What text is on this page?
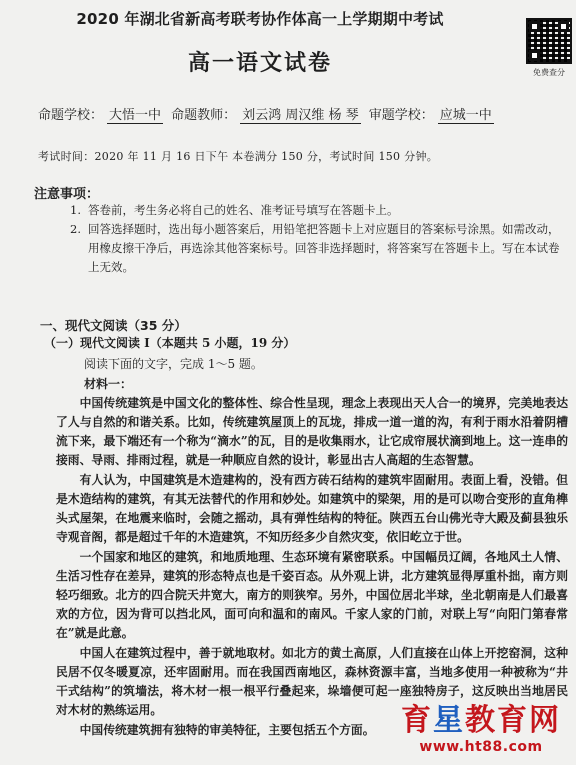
2020 年湖北省新高考联考协作体高一上学期期中考试
高一语文试卷	免费查分
命题学校： 大悟一中 命题教师： 刘云鸿 周汉维 杨 琴 审题学校： 应城一中
考试时间：2020 年 11 月 16 日下午 本卷满分 150 分，考试时间 150 分钟。
注意事项：
1. 答卷前，考生务必将自己的姓名、准考证号填写在答题卡上。
2. 回答选择题时，选出每小题答案后，用铅笔把答题卡上对应题目的答案标号涂黑。如需改动，用橡皮擦干净后，再选涂其他答案标号。回答非选择题时，将答案写在答题卡上。写在本试卷上无效。
一、现代文阅读（35 分）
（一）现代文阅读 I（本题共 5 小题，19 分）
阅读下面的文字，完成 1～5 题。
材料一：

中国传统建筑是中国文化的整体性、综合性呈现，理念上表现出天人合一的境界，完美地表达了人与自然的和谐关系。比如，传统建筑屋顶上的瓦垅，排成一道一道的沟，有利于雨水沿着阴槽流下来，最下端还有一个称为“滴水”的瓦，目的是收集雨水，让它成帘展状滴到地上。这一连串的接雨、导雨、排雨过程，就是一种顺应自然的设计，彰显出古人高超的生态智慧。

有人认为，中国建筑是木造建构的，没有西方砖石结构的建筑牢固耐用。表面上看，没错。但是木造结构的建筑，有其无法替代的作用和妙处。如建筑中的梁架，用的是可以吻合变形的直角榫头式屋架，在地震来临时，会随之摇动，具有弹性结构的特征。陕西五台山佛光寺大殿及蓟县独乐寺观音阁，都是超过千年的木造建筑，不知历经多少自然灾变，依旧屹立于世。

一个国家和地区的建筑，和地质地理、生态环境有紧密联系。中国幅员辽阔，各地风土人情、生活习性存在差异，建筑的形态特点也是千姿百态。从外观上讲，北方建筑显得厚重朴拙，南方则轻巧细致。北方的四合院天井宽大，南方的则狭窄。另外，中国位居北半球，坐北朝南是人们最喜欢的方位，因为背可以挡北风，面可向和温和的南风。千家人家的门前，对联上写“向阳门第春常在”就是此意。

中国人在建筑过程中，善于就地取材。如北方的黄土高原，人们直接在山体上开挖窑洞，这种民居不仅冬暖夏凉，还牢固耐用。而在我国西南地区，森林资源丰富，当地多使用一种被称为“井干式结构”的筑墙法，将木材一根一根平行叠起来，垛墙便可起一座独特房子，这反映出当地居民对木材的熟练运用。

中国传统建筑拥有独特的审美特征，主要包括五个方面。 育星教育网
www.ht88.com
